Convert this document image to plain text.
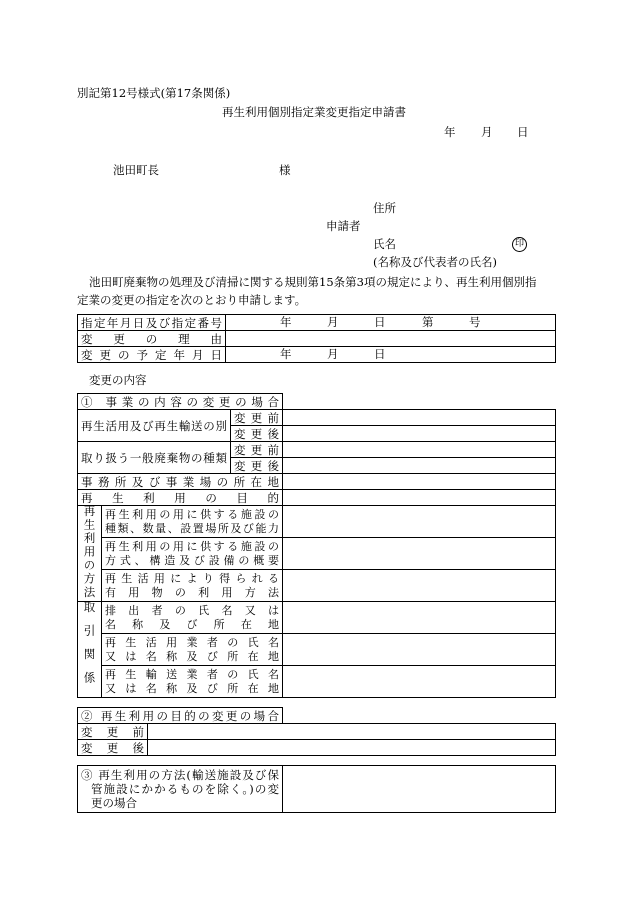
別記第12号様式(第17条関係)
再生利用個別指定業変更指定申請書
年 月 日
池田町長	様
住所
申請者
氏名	印
(名称及び代表者の氏名)
池田町廃棄物の処理及び清掃に関する規則第15条第3項の規定により、再生利用個別指
定業の変更の指定を次のとおり申請します。
指定年月日及び指定番号	年 月 日 第 号

変更の理由	
変更の予定年月日	年 月 日
変更の内容
① 事業の内容の変更の場合			
再生活用及び再生輸送の別		変更前	
		変更後	
取り扱う一般廃棄物の種類		変更前	
		変更後	
事務所及び事業場の所在地			
再生利用の目的			
再生利用の方法	再生利用の用に供する施設の
種類、数量、設置場所及び能力		

	再生利用の用に供する施設の
方式、構造及び設備の概要		

	再生活用により得られる
有用物の利用方法		

取引関係	排出者の氏名又は
名称及び所在地		

	再生活用業者の氏名
又は名称及び所在地		

	再生輸送業者の氏名
又は名称及び所在地		

② 再生利用の目的の変更の場合		
変更前		
変更後		
③ 再生利用の方法(輸送施設及び保
管施設にかかるものを除く。)の変
更の場合
